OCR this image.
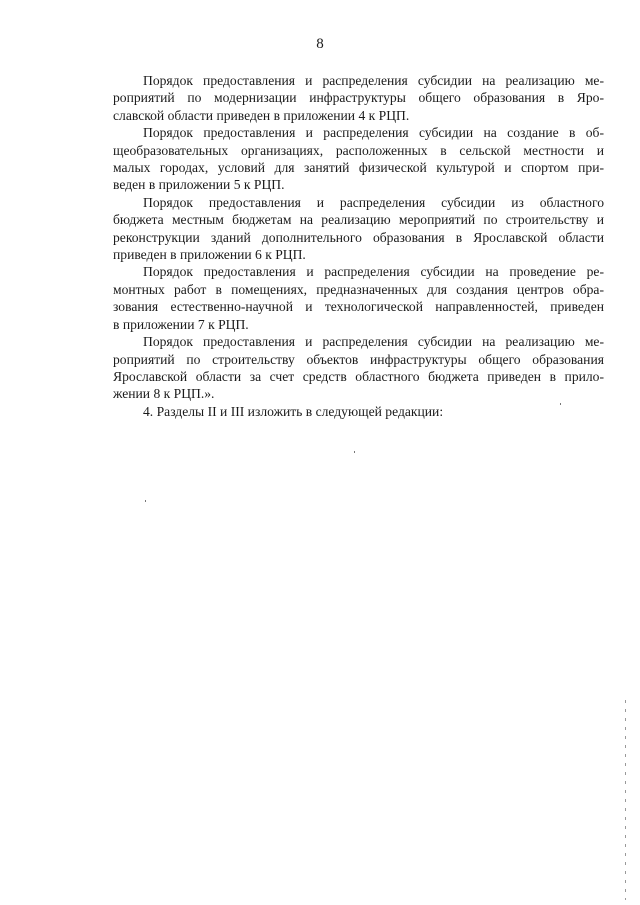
8

Порядок предоставления и распределения субсидии на реализацию ме-
роприятий по модернизации инфраструктуры общего образования в Яро-
славской области приведен в приложении 4 к РЦП.

Порядок предоставления и распределения субсидии на создание в об-
щеобразовательных организациях, расположенных в сельской местности и
малых городах, условий для занятий физической культурой и спортом при-
веден в приложении 5 к РЦП.

Порядок предоставления и распределения субсидии из областного
бюджета местным бюджетам на реализацию мероприятий по строительству и
реконструкции зданий дополнительного образования в Ярославской области
приведен в приложении 6 к РЦП.

Порядок предоставления и распределения субсидии на проведение ре-
монтных работ в помещениях, предназначенных для создания центров обра-
зования естественно-научной и технологической направленностей, приведен
в приложении 7 к РЦП.

Порядок предоставления и распределения субсидии на реализацию ме-
роприятий по строительству объектов инфраструктуры общего образования
Ярославской области за счет средств областного бюджета приведен в прило-
жении 8 к РЦП.».

4. Разделы II и III изложить в следующей редакции:
